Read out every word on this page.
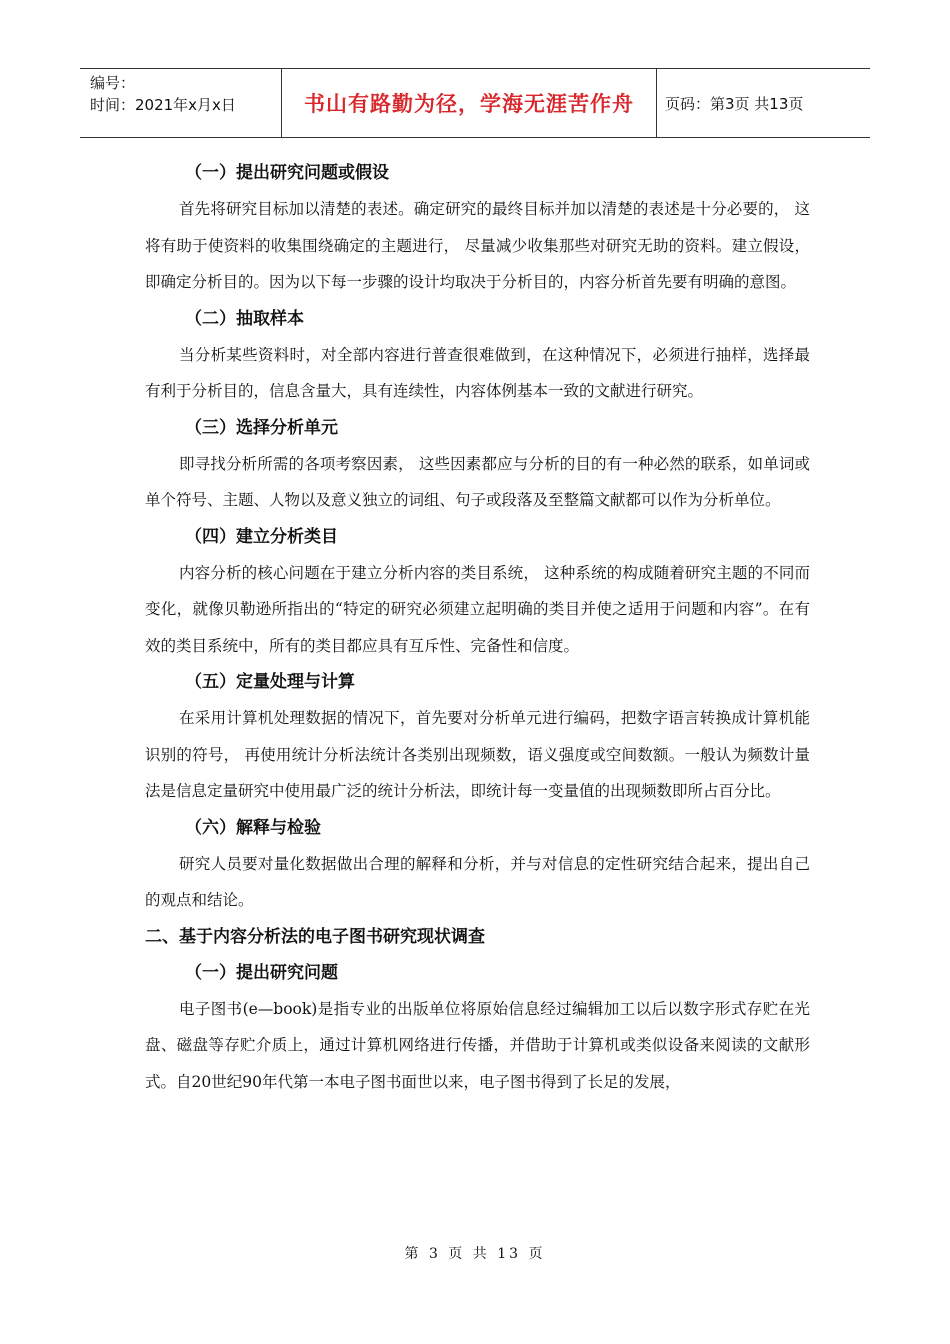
编号：
时间：2021年x月x日	书山有路勤为径，学海无涯苦作舟	页码：第3页 共13页
（一）提出研究问题或假设

首先将研究目标加以清楚的表述。确定研究的最终目标并加以清楚的表述是十分必要的， 这将有助于使资料的收集围绕确定的主题进行， 尽量减少收集那些对研究无助的资料。建立假设，即确定分析目的。因为以下每一步骤的设计均取决于分析目的，内容分析首先要有明确的意图。

（二）抽取样本

当分析某些资料时，对全部内容进行普查很难做到，在这种情况下，必须进行抽样，选择最有利于分析目的，信息含量大，具有连续性，内容体例基本一致的文献进行研究。

（三）选择分析单元

即寻找分析所需的各项考察因素， 这些因素都应与分析的目的有一种必然的联系，如单词或单个符号、主题、人物以及意义独立的词组、句子或段落及至整篇文献都可以作为分析单位。

（四）建立分析类目

内容分析的核心问题在于建立分析内容的类目系统， 这种系统的构成随着研究主题的不同而变化，就像贝勒逊所指出的“特定的研究必须建立起明确的类目并使之适用于问题和内容”。在有效的类目系统中，所有的类目都应具有互斥性、完备性和信度。

（五）定量处理与计算

在采用计算机处理数据的情况下，首先要对分析单元进行编码，把数字语言转换成计算机能识别的符号， 再使用统计分析法统计各类别出现频数，语义强度或空间数额。一般认为频数计量法是信息定量研究中使用最广泛的统计分析法，即统计每一变量值的出现频数即所占百分比。

（六）解释与检验

研究人员要对量化数据做出合理的解释和分析，并与对信息的定性研究结合起来，提出自己的观点和结论。

二、基于内容分析法的电子图书研究现状调查
（一）提出研究问题

电子图书(e—book)是指专业的出版单位将原始信息经过编辑加工以后以数字形式存贮在光盘、磁盘等存贮介质上，通过计算机网络进行传播，并借助于计算机或类似设备来阅读的文献形式。自20世纪90年代第一本电子图书面世以来，电子图书得到了长足的发展，

第 3 页 共 13 页
